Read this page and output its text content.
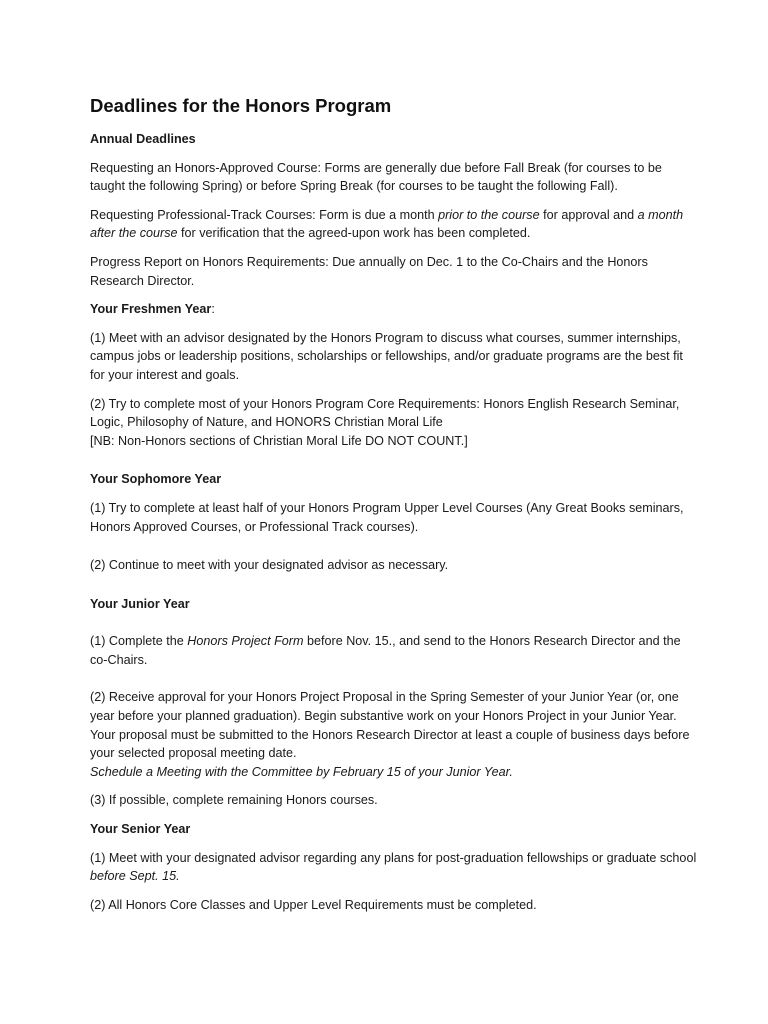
Deadlines for the Honors Program

Annual Deadlines

Requesting an Honors-Approved Course: Forms are generally due before Fall Break (for courses to be taught the following Spring) or before Spring Break (for courses to be taught the following Fall).

Requesting Professional-Track Courses: Form is due a month prior to the course for approval and a month after the course for verification that the agreed-upon work has been completed.

Progress Report on Honors Requirements: Due annually on Dec. 1 to the Co-Chairs and the Honors Research Director.

Your Freshmen Year:

(1) Meet with an advisor designated by the Honors Program to discuss what courses, summer internships, campus jobs or leadership positions, scholarships or fellowships, and/or graduate programs are the best fit for your interest and goals.

(2) Try to complete most of your Honors Program Core Requirements: Honors English Research Seminar, Logic, Philosophy of Nature, and HONORS Christian Moral Life

[NB: Non-Honors sections of Christian Moral Life DO NOT COUNT.]

Your Sophomore Year

(1) Try to complete at least half of your Honors Program Upper Level Courses (Any Great Books seminars, Honors Approved Courses, or Professional Track courses).

(2) Continue to meet with your designated advisor as necessary.

Your Junior Year

(1) Complete the Honors Project Form before Nov. 15., and send to the Honors Research Director and the co-Chairs.

(2) Receive approval for your Honors Project Proposal in the Spring Semester of your Junior Year (or, one year before your planned graduation). Begin substantive work on your Honors Project in your Junior Year. Your proposal must be submitted to the Honors Research Director at least a couple of business days before your selected proposal meeting date.

Schedule a Meeting with the Committee by February 15 of your Junior Year.

(3) If possible, complete remaining Honors courses.

Your Senior Year

(1) Meet with your designated advisor regarding any plans for post-graduation fellowships or graduate school before Sept. 15.

(2) All Honors Core Classes and Upper Level Requirements must be completed.
